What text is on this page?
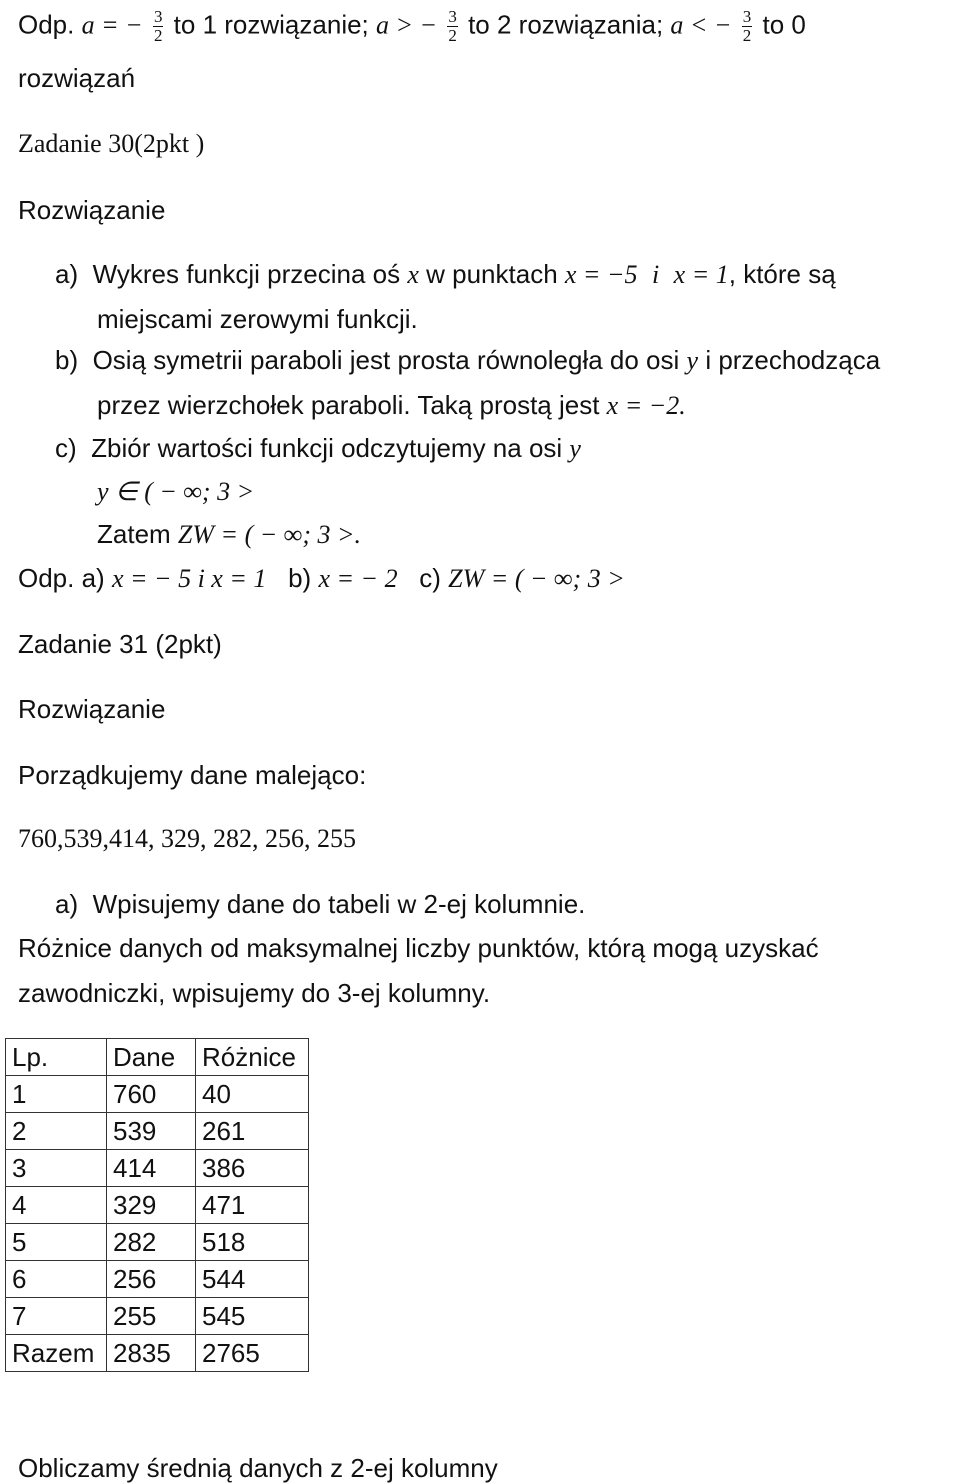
Odp. a = − $\frac{3}{2}$ to 1 rozwiązanie; a > − $\frac{3}{2}$ to 2 rozwiązania; a < − $\frac{3}{2}$ to 0
rozwiązań
Zadanie 30(2pkt )
Rozwiązanie
a) Wykres funkcji przecina oś x w punktach x = −5 i x = 1, które są
miejscami zerowymi funkcji.
b) Osią symetrii paraboli jest prosta równoległa do osi y i przechodząca
przez wierzchołek paraboli. Taką prostą jest x = −2.
c) Zbiór wartości funkcji odczytujemy na osi y
y ∈ ( − ∞; 3 >
Zatem ZW = ( − ∞; 3 >.
Odp. a) x = − 5 i x = 1 b) x = − 2 c) ZW = ( − ∞; 3 >
Zadanie 31 (2pkt)
Rozwiązanie
Porządkujemy dane malejąco:
760,539,414, 329, 282, 256, 255
a) Wpisujemy dane do tabeli w 2-ej kolumnie.
Różnice danych od maksymalnej liczby punktów, którą mogą uzyskać
zawodniczki, wpisujemy do 3-ej kolumny.
Lp.	Dane	Różnice
1	760	40
2	539	261
3	414	386
4	329	471
5	282	518
6	256	544
7	255	545
Razem	2835	2765
Obliczamy średnią danych z 2-ej kolumny
